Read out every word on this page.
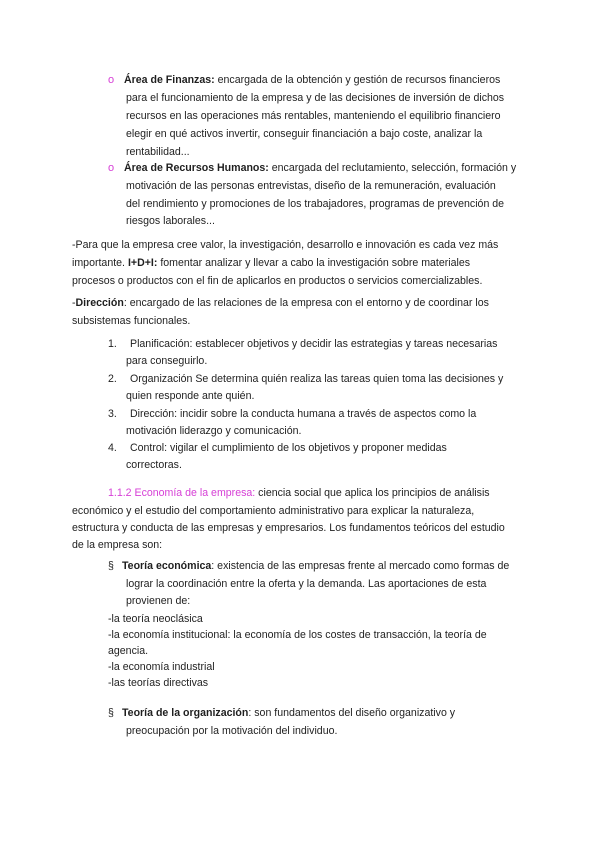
o Área de Finanzas: encargada de la obtención y gestión de recursos financieros
para el funcionamiento de la empresa y de las decisiones de inversión de dichos
recursos en las operaciones más rentables, manteniendo el equilibrio financiero
elegir en qué activos invertir, conseguir financiación a bajo coste, analizar la
rentabilidad...
o Área de Recursos Humanos: encargada del reclutamiento, selección, formación y
motivación de las personas entrevistas, diseño de la remuneración, evaluación
del rendimiento y promociones de los trabajadores, programas de prevención de
riesgos laborales...
-Para que la empresa cree valor, la investigación, desarrollo e innovación es cada vez más
importante. I+D+I: fomentar analizar y llevar a cabo la investigación sobre materiales
procesos o productos con el fin de aplicarlos en productos o servicios comercializables.
-Dirección: encargado de las relaciones de la empresa con el entorno y de coordinar los
subsistemas funcionales.
1. Planificación: establecer objetivos y decidir las estrategias y tareas necesarias
para conseguirlo.
2. Organización Se determina quién realiza las tareas quien toma las decisiones y
quien responde ante quién.
3. Dirección: incidir sobre la conducta humana a través de aspectos como la
motivación liderazgo y comunicación.
4. Control: vigilar el cumplimiento de los objetivos y proponer medidas
correctoras.
1.1.2 Economía de la empresa: ciencia social que aplica los principios de análisis
económico y el estudio del comportamiento administrativo para explicar la naturaleza,
estructura y conducta de las empresas y empresarios. Los fundamentos teóricos del estudio
de la empresa son:
§ Teoría económica: existencia de las empresas frente al mercado como formas de
lograr la coordinación entre la oferta y la demanda. Las aportaciones de esta
provienen de:
-la teoría neoclásica
-la economía institucional: la economía de los costes de transacción, la teoría de
agencia.
-la economía industrial
-las teorías directivas
§ Teoría de la organización: son fundamentos del diseño organizativo y
preocupación por la motivación del individuo.
